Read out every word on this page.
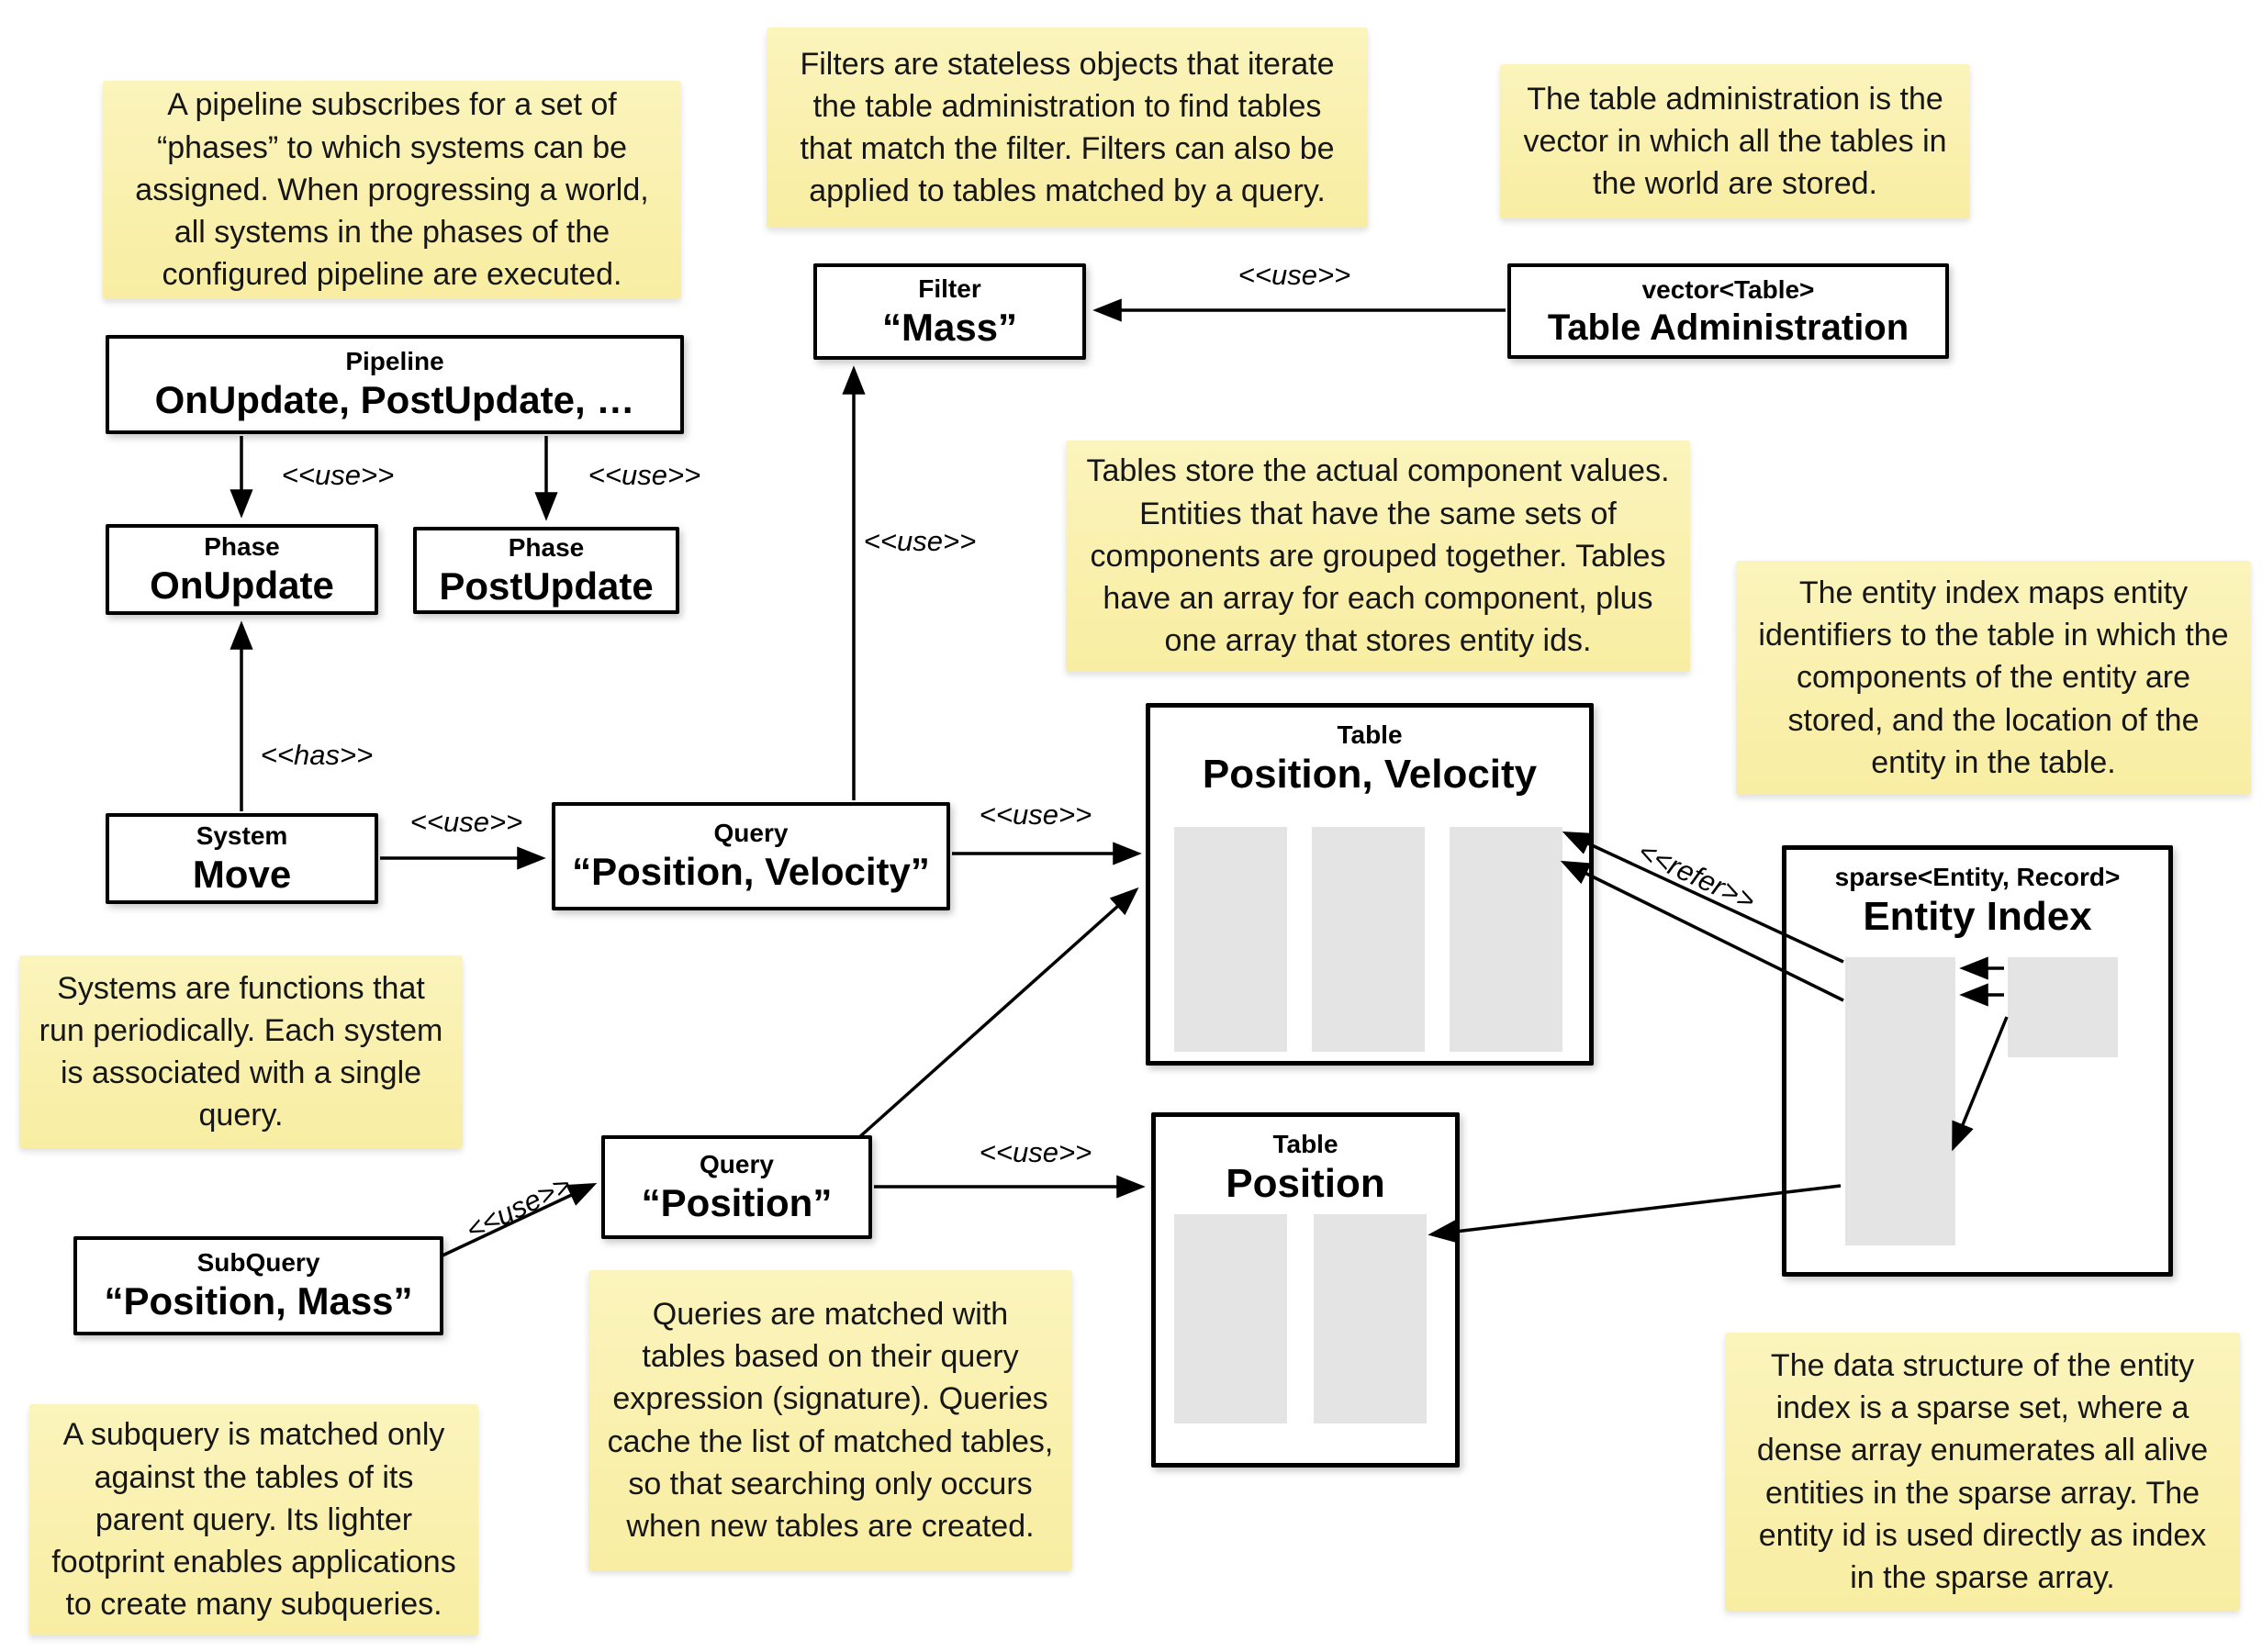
A pipeline subscribes for a set of “phases” to which systems can be assigned. When progressing a world, all systems in the phases of the configured pipeline are executed.
Filters are stateless objects that iterate the table administration to find tables that match the filter. Filters can also be applied to tables matched by a query.
The table administration is the vector in which all the tables in the world are stored.
Tables store the actual component values. Entities that have the same sets of components are grouped together. Tables have an array for each component, plus one array that stores entity ids.
The entity index maps entity identifiers to the table in which the components of the entity are stored, and the location of the entity in the table.
Systems are functions that run periodically. Each system is associated with a single query.
Queries are matched with tables based on their query expression (signature). Queries cache the list of matched tables, so that searching only occurs when new tables are created.
A subquery is matched only against the tables of its parent query. Its lighter footprint enables applications to create many subqueries.
The data structure of the entity index is a sparse set, where a dense array enumerates all alive entities in the sparse array. The entity id is used directly as index in the sparse array.
Pipeline
OnUpdate, PostUpdate, …
Phase
OnUpdate
Phase
PostUpdate
System
Move
Query
“Position, Velocity”
Filter
“Mass”
vector<Table>
Table Administration
Query
“Position”
SubQuery
“Position, Mass”
Table
Position, Velocity
Table
Position
sparse<Entity, Record>
Entity Index
<<use>>	<<use>>
<<has>>
<<use>>
<<use>>
<<use>>
<<use>>
<<use>>
<<use>>
<<refer>>
